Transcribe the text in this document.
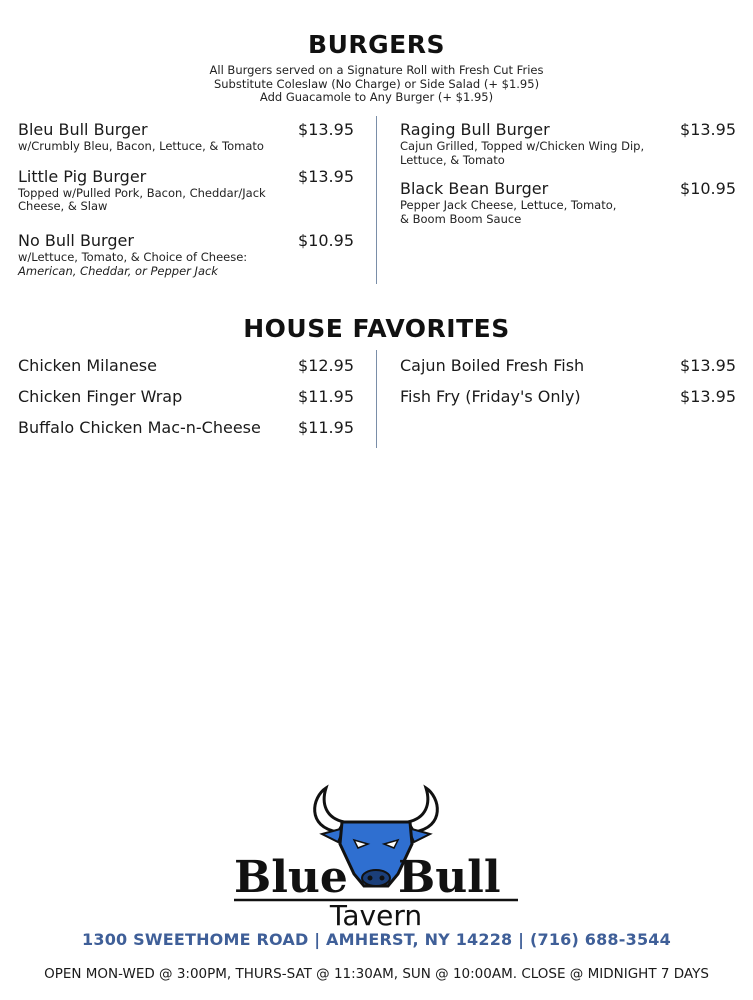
BURGERS
All Burgers served on a Signature Roll with Fresh Cut Fries
Substitute Coleslaw (No Charge) or Side Salad (+ $1.95)
Add Guacamole to Any Burger (+ $1.95)
Bleu Bull Burger	$13.95
w/Crumbly Bleu, Bacon, Lettuce, & Tomato
Little Pig Burger	$13.95
Topped w/Pulled Pork, Bacon, Cheddar/Jack Cheese, & Slaw
No Bull Burger	$10.95
w/Lettuce, Tomato, & Choice of Cheese:
American, Cheddar, or Pepper Jack
Raging Bull Burger	$13.95
Cajun Grilled, Topped w/Chicken Wing Dip, Lettuce, & Tomato
Black Bean Burger	$10.95
Pepper Jack Cheese, Lettuce, Tomato, & Boom Boom Sauce
HOUSE FAVORITES
Chicken Milanese	$12.95
Chicken Finger Wrap	$11.95
Buffalo Chicken Mac-n-Cheese $11.95
Cajun Boiled Fresh Fish	$13.95
Fish Fry (Friday's Only)	$13.95
Blue Bull
Tavern
1300 SWEETHOME ROAD | AMHERST, NY 14228 | (716) 688-3544
OPEN MON-WED @ 3:00PM, THURS-SAT @ 11:30AM, SUN @ 10:00AM. CLOSE @ MIDNIGHT 7 DAYS
